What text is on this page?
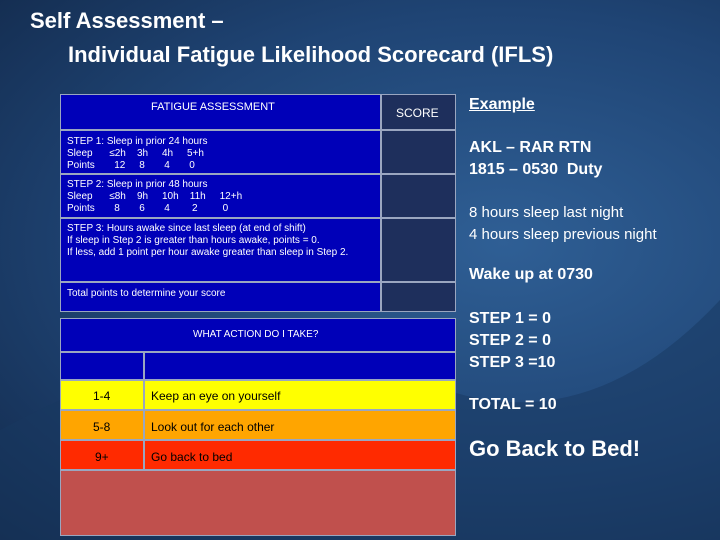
Self Assessment –
Individual Fatigue Likelihood Scorecard (IFLS)
FATIGUE ASSESSMENT	SCORE
STEP 1: Sleep in prior 24 hours
Sleep      ≤2h    3h     4h     5+h
Points       12     8       4       0
STEP 2: Sleep in prior 48 hours
Sleep      ≤8h    9h     10h    11h     12+h
Points       8       6       4        2         0
STEP 3: Hours awake since last sleep (at end of shift)
If sleep in Step 2 is greater than hours awake, points = 0.
If less, add 1 point per hour awake greater than sleep in Step 2.
Total points to determine your score
WHAT ACTION DO I TAKE?
1-4	Keep an eye on yourself
5-8	Look out for each other
9+	Go back to bed
Example
AKL – RAR RTN
1815 – 0530  Duty
8 hours sleep last night
4 hours sleep previous night
Wake up at 0730
STEP 1 = 0
STEP 2 = 0
STEP 3 =10
TOTAL = 10
Go Back to Bed!
